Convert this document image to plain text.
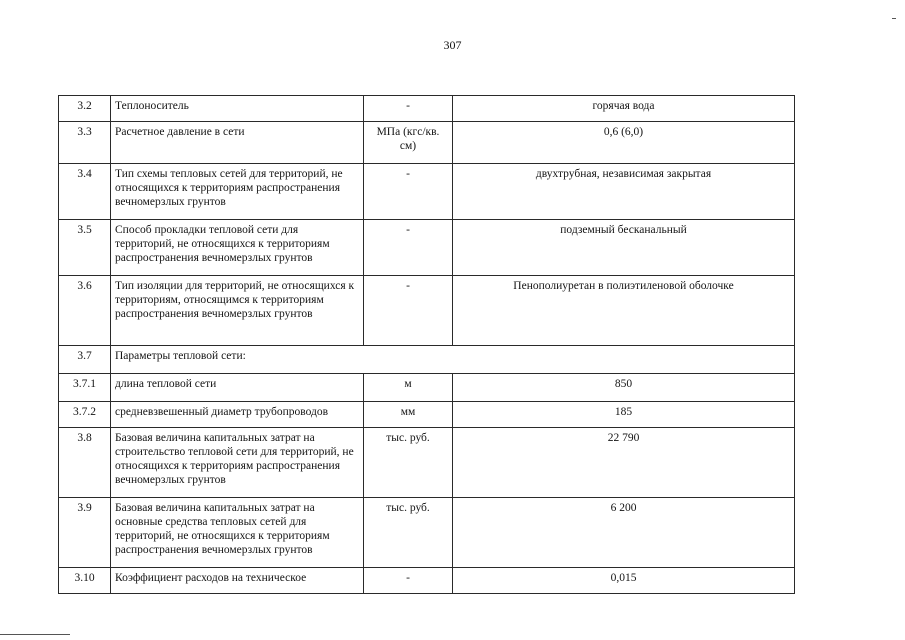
307
3.2	Теплоноситель	-	горячая вода
3.3	Расчетное давление в сети	МПа (кгс/кв. см)	0,6 (6,0)
3.4	Тип схемы тепловых сетей для территорий, не относящихся к территориям распространения вечномерзлых грунтов	-	двухтрубная, независимая закрытая
3.5	Способ прокладки тепловой сети для территорий, не относящихся к территориям распространения вечномерзлых грунтов	-	подземный бесканальный
3.6	Тип изоляции для территорий, не относящихся к территориям, относящимся к территориям распространения вечномерзлых грунтов	-	Пенополиуретан в полиэтиленовой оболочке
3.7	Параметры тепловой сети:		
3.7.1	длина тепловой сети	м	850
3.7.2	средневзвешенный диаметр трубопроводов	мм	185
3.8	Базовая величина капитальных затрат на строительство тепловой сети для территорий, не относящихся к территориям распространения вечномерзлых грунтов	тыс. руб.	22 790
3.9	Базовая величина капитальных затрат на основные средства тепловых сетей для территорий, не относящихся к территориям распространения вечномерзлых грунтов	тыс. руб.	6 200
3.10	Коэффициент расходов на техническое	-	0,015
